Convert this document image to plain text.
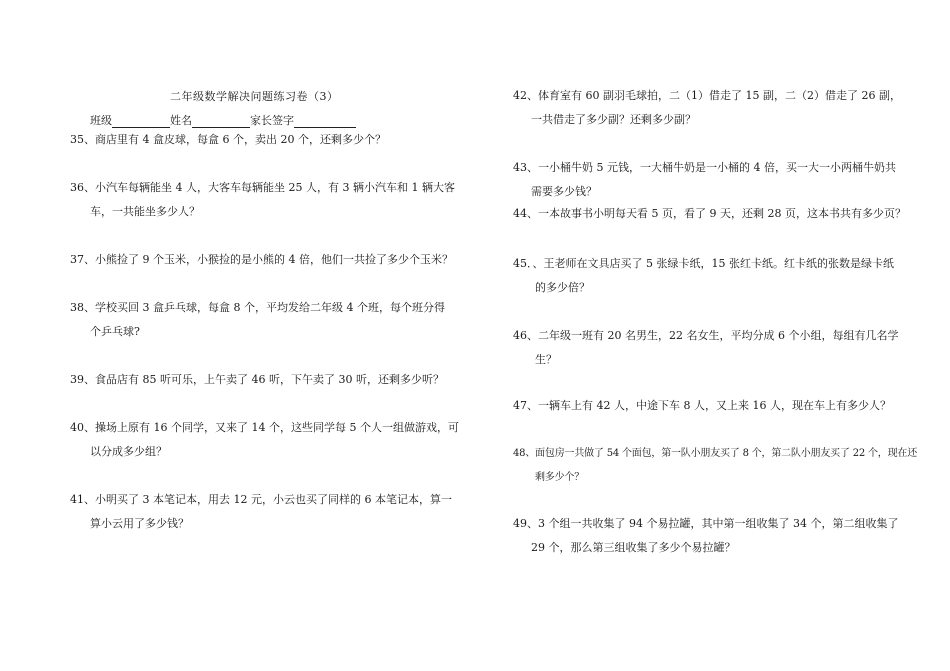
二年级数学解决问题练习卷（3）
班级	姓名	家长签字
35、商店里有 4 盒皮球，每盒 6 个，卖出 20 个，还剩多少个？
36、小汽车每辆能坐 4 人，大客车每辆能坐 25 人，有 3 辆小汽车和 1 辆大客
车，一共能坐多少人？
37、小熊捡了 9 个玉米，小猴捡的是小熊的 4 倍，他们一共捡了多少个玉米？
38、学校买回 3 盒乒乓球，每盒 8 个，平均发给二年级 4 个班，每个班分得
个乒乓球?
39、食品店有 85 听可乐，上午卖了 46 听，下午卖了 30 听，还剩多少听？
40、操场上原有 16 个同学，又来了 14 个，这些同学每 5 个人一组做游戏，可
以分成多少组？
41、小明买了 3 本笔记本，用去 12 元，小云也买了同样的 6 本笔记本，算一
算小云用了多少钱？
42、体育室有 60 副羽毛球拍，二（1）借走了 15 副，二（2）借走了 26 副，
一共借走了多少副？还剩多少副？
43、一小桶牛奶 5 元钱，一大桶牛奶是一小桶的 4 倍，买一大一小两桶牛奶共
需要多少钱？
44、一本故事书小明每天看 5 页，看了 9 天，还剩 28 页，这本书共有多少页？
45．、王老师在文具店买了 5 张绿卡纸，15 张红卡纸。红卡纸的张数是绿卡纸
的多少倍？
46、二年级一班有 20 名男生，22 名女生，平均分成 6 个小组，每组有几名学
生？
47、一辆车上有 42 人，中途下车 8 人，又上来 16 人，现在车上有多少人？
48、面包房一共做了 54 个面包，第一队小朋友买了 8 个，第二队小朋友买了 22 个，现在还
剩多少个？
49、3 个组一共收集了 94 个易拉罐，其中第一组收集了 34 个，第二组收集了
29 个，那么第三组收集了多少个易拉罐？
